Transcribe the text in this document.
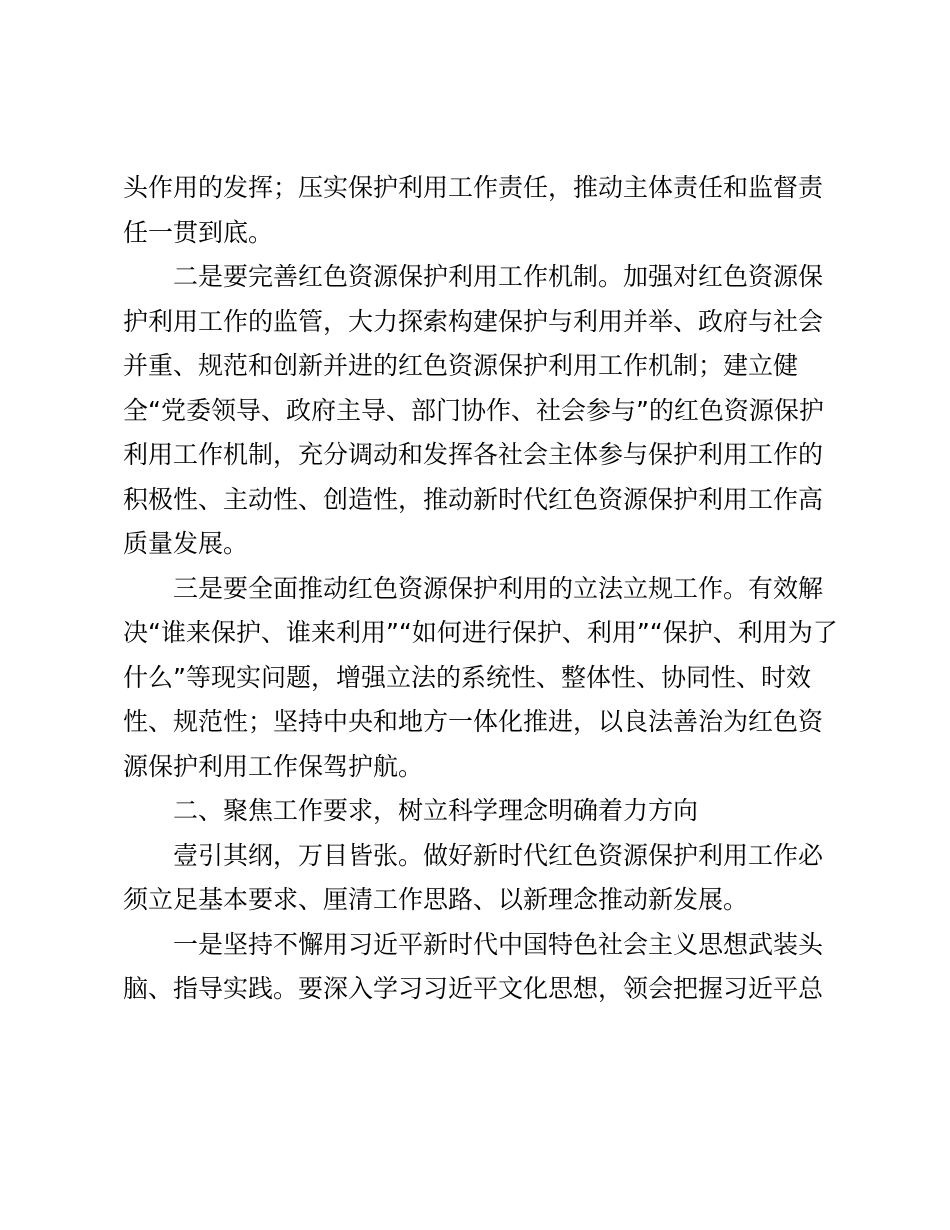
头作用的发挥；压实保护利用工作责任，推动主体责任和监督责
任一贯到底。
二是要完善红色资源保护利用工作机制。加强对红色资源保
护利用工作的监管，大力探索构建保护与利用并举、政府与社会
并重、规范和创新并进的红色资源保护利用工作机制；建立健
全“党委领导、政府主导、部门协作、社会参与”的红色资源保护
利用工作机制，充分调动和发挥各社会主体参与保护利用工作的
积极性、主动性、创造性，推动新时代红色资源保护利用工作高
质量发展。
三是要全面推动红色资源保护利用的立法立规工作。有效解
决“谁来保护、谁来利用”“如何进行保护、利用”“保护、利用为了
什么”等现实问题，增强立法的系统性、整体性、协同性、时效
性、规范性；坚持中央和地方一体化推进，以良法善治为红色资
源保护利用工作保驾护航。
二、聚焦工作要求，树立科学理念明确着力方向
壹引其纲，万目皆张。做好新时代红色资源保护利用工作必
须立足基本要求、厘清工作思路、以新理念推动新发展。
一是坚持不懈用习近平新时代中国特色社会主义思想武装头
脑、指导实践。要深入学习习近平文化思想，领会把握习近平总
